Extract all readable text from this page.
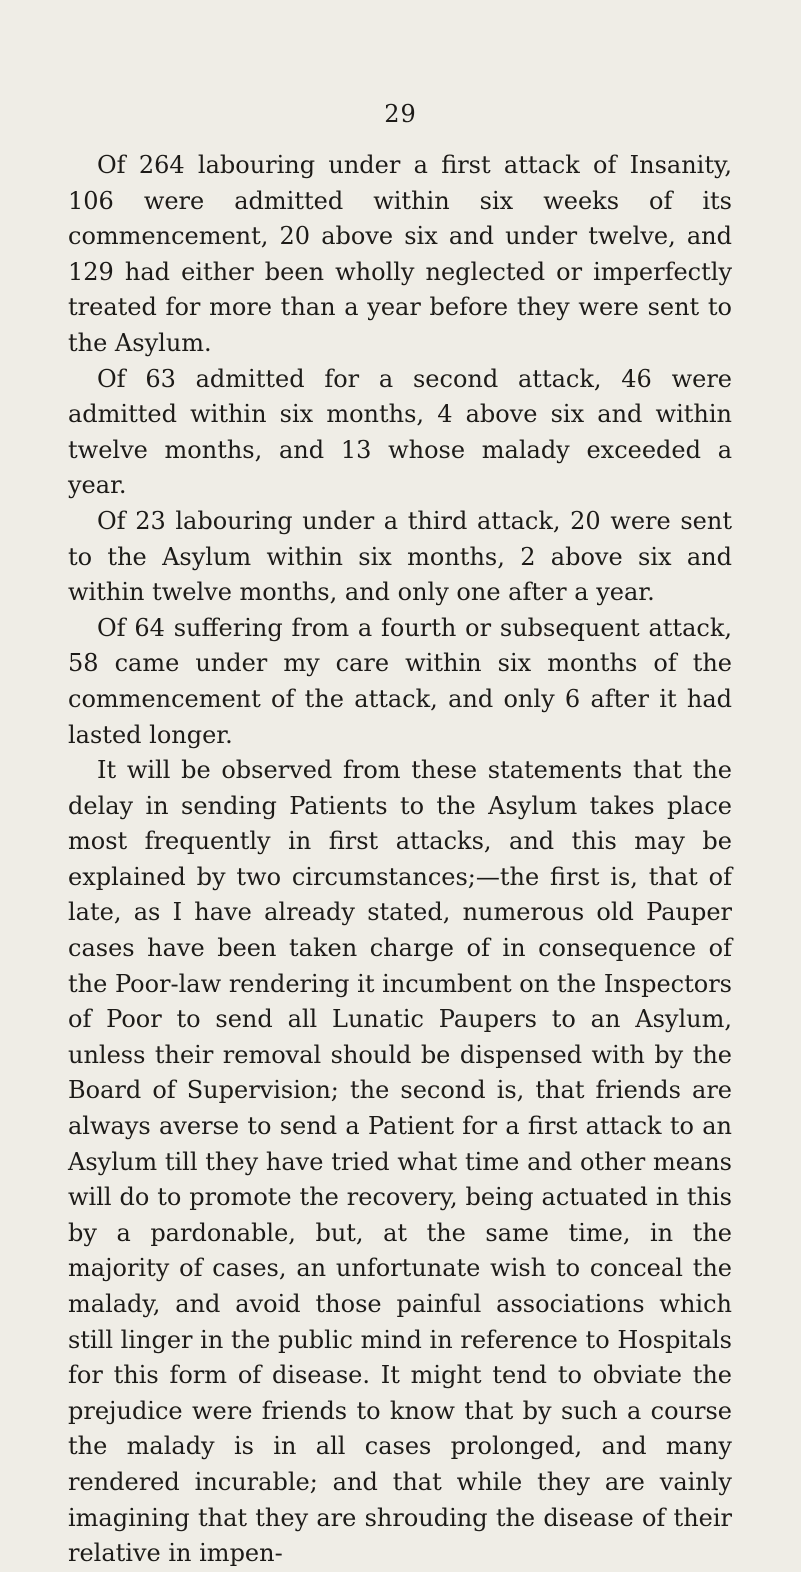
29

Of 264 labouring under a first attack of Insanity, 106 were admitted within six weeks of its commencement, 20 above six and under twelve, and 129 had either been wholly neglected or imperfectly treated for more than a year before they were sent to the Asylum.

Of 63 admitted for a second attack, 46 were admitted within six months, 4 above six and within twelve months, and 13 whose malady exceeded a year.

Of 23 labouring under a third attack, 20 were sent to the Asylum within six months, 2 above six and within twelve months, and only one after a year.

Of 64 suffering from a fourth or subsequent attack, 58 came under my care within six months of the commencement of the attack, and only 6 after it had lasted longer.

It will be observed from these statements that the delay in sending Patients to the Asylum takes place most frequently in first attacks, and this may be explained by two circumstances;—the first is, that of late, as I have already stated, numerous old Pauper cases have been taken charge of in consequence of the Poor-law rendering it incumbent on the Inspectors of Poor to send all Lunatic Paupers to an Asylum, unless their removal should be dispensed with by the Board of Supervision; the second is, that friends are always averse to send a Patient for a first attack to an Asylum till they have tried what time and other means will do to promote the recovery, being actuated in this by a pardonable, but, at the same time, in the majority of cases, an unfortunate wish to conceal the malady, and avoid those painful associations which still linger in the public mind in reference to Hospitals for this form of disease. It might tend to obviate the prejudice were friends to know that by such a course the malady is in all cases prolonged, and many rendered incurable; and that while they are vainly imagining that they are shrouding the disease of their relative in impen-
